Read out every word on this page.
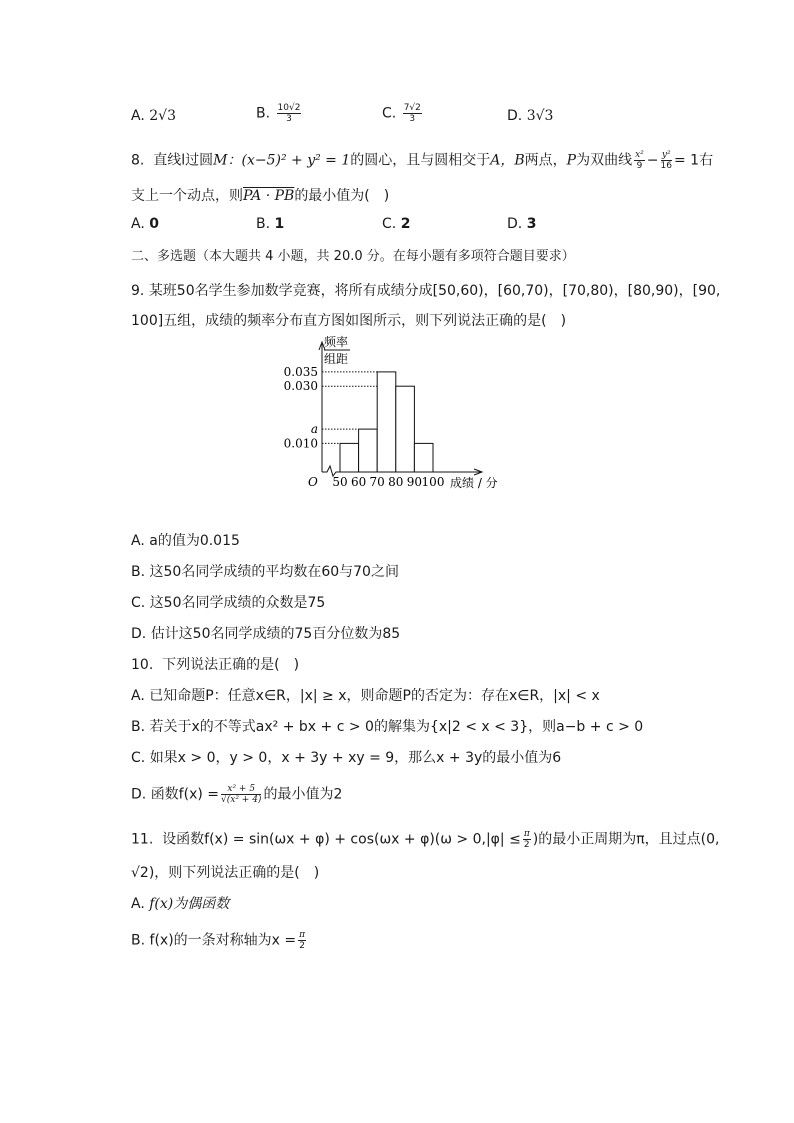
A. 2√3	B. $\frac{10√2}{3}$	C. $\frac{7√2}{3}$	D. 3√3
8. 直线l过圆M：(x−5)² + y² = 1的圆心，且与圆相交于A，B两点，P为双曲线 $\frac{\text{x²}}{9} - \frac{\text{y²}}{16} = 1$右
支上一个动点，则PA · PB的最小值为(　)
A. 0	B. 1	C. 2	D. 3
二、多选题（本大题共 4 小题，共 20.0 分。在每小题有多项符合题目要求）
9. 某班50名学生参加数学竞赛，将所有成绩分成[50,60)，[60,70)，[70,80)，[80,90)，[90,
100]五组，成绩的频率分布直方图如图所示，则下列说法正确的是(　)
0.035
0.030
a
0.010
50 60 70 80 90 100
O
频率
组距
成绩 / 分
A. a的值为0.015
B. 这50名同学成绩的平均数在60与70之间
C. 这50名同学成绩的众数是75
D. 估计这50名同学成绩的75百分位数为85
10. 下列说法正确的是(　)
A. 已知命题P：任意x∈R，|x| ≥ x，则命题P的否定为：存在x∈R，|x| < x
B. 若关于x的不等式ax² + bx + c > 0的解集为{x|2 < x < 3}，则a−b + c > 0
C. 如果x > 0，y > 0，x + 3y + xy = 9，那么x + 3y的最小值为6
D. 函数$f(x) = \frac{\text{x² + 5}}{\text{√(x² + 4)}}$ 的最小值为2
11. 设函数$f(x) = \sin(\omega x + \varphi) + \cos(\omega x + \varphi)(\omega > 0,|\varphi| \le \frac{\pi}{2}$ )的最小正周期为π，且过点(0,
√2)，则下列说法正确的是(　)
A. f(x)为偶函数
B. f(x)的一条对称轴为$x = \frac{\pi}{2}$
